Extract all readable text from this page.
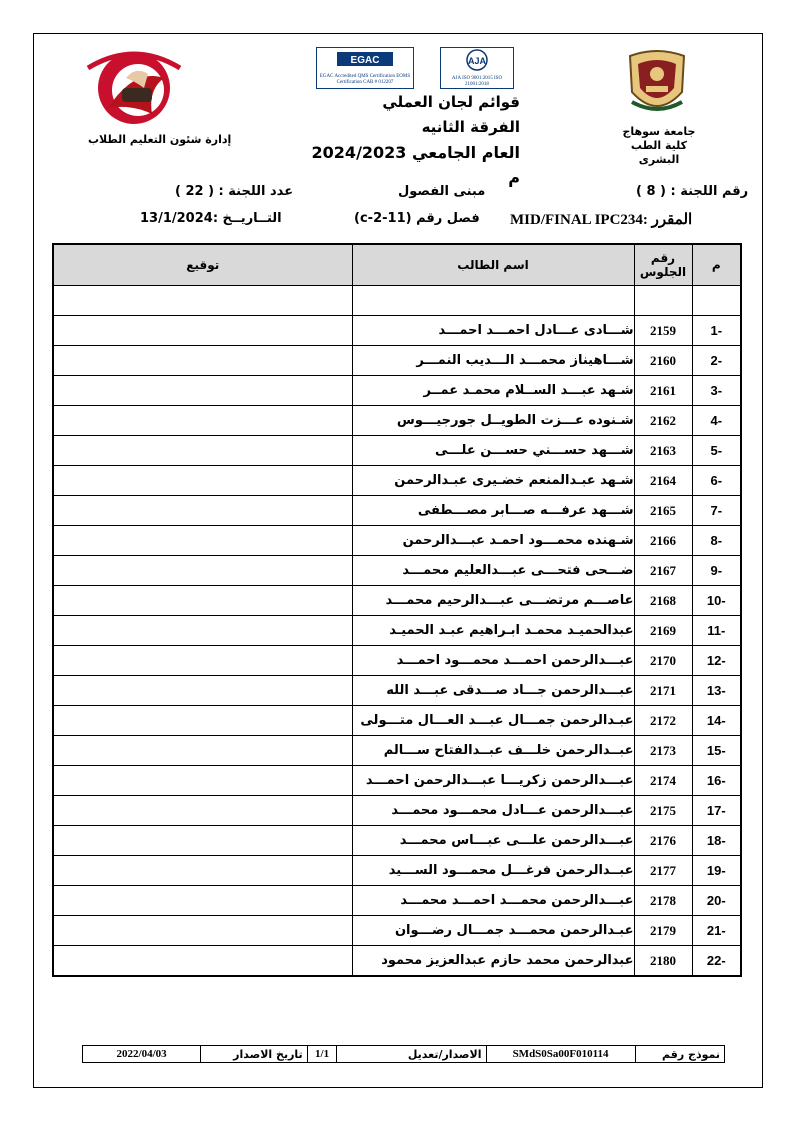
إدارة شئون التعليم الطلاب
EGAC
EGAC Accredited QMS Certification EOMS Certification CAB # 012207
AJA
AJA ISO 9001:2015 ISO 21001:2018
قوائم لجان العملي
الفرقة الثانيه
العام الجامعي 2024/2023 م
جامعة سوهاج
كلية الطب البشرى
رقم اللجنة : ( 8 )
مبنى الفصول
عدد اللجنة : ( 22 )
المقرر :MID/FINAL IPC234
فصل رقم (11-2-c)
التــاريــخ :13/1/2024
م	رقم الجلوس	اسم الطالب	توقيع

-1	2159	شـــادى عـــادل احمـــد احمـــد	
-2	2160	شـــاهيناز محمـــد الـــديب النمـــر	
-3	2161	شـهد عبـــد الســلام محمـد عمــر	
-4	2162	شـنوده عـــزت الطويــل جورجيـــوس	
-5	2163	شـــهد حســـني حســـن علـــى	
-6	2164	شـهد عبـدالمنعم خضـيرى عبـدالرحمن	
-7	2165	شـــهد عرفـــه صـــابر مصـــطفى	
-8	2166	شـهنده محمـــود احمـد عبـــدالرحمن	
-9	2167	ضـــحى فتحـــى عبـــدالعليم محمـــد	
-10	2168	عاصـــم مرتضـــى عبـــدالرحيم محمـــد	
-11	2169	عبدالحميـد محمـد ابـراهيم عبـد الحميـد	
-12	2170	عبـــدالرحمن احمـــد محمـــود احمـــد	
-13	2171	عبـــدالرحمن جـــاد صـــدقى عبـــد الله	
-14	2172	عبـدالرحمن جمـــال عبـــد العـــال متـــولى	
-15	2173	عبــدالرحمن خلـــف عبــدالفتاح ســـالم	
-16	2174	عبـــدالرحمن زكريـــا عبـــدالرحمن احمـــد	
-17	2175	عبـــدالرحمن عـــادل محمـــود محمـــد	
-18	2176	عبـــدالرحمن علـــى عبـــاس محمـــد	
-19	2177	عبــدالرحمن فرغـــل محمـــود الســـيد	
-20	2178	عبـــدالرحمن محمـــد احمـــد محمـــد	
-21	2179	عبـدالرحمن محمـــد جمـــال رضـــوان	
-22	2180	عبدالرحمن محمد حازم عبدالعزيز محمود	
نموذج رقم	SMdS0Sa00F010114	الاصدار/تعديل	1/1	تاريخ الاصدار	2022/04/03
